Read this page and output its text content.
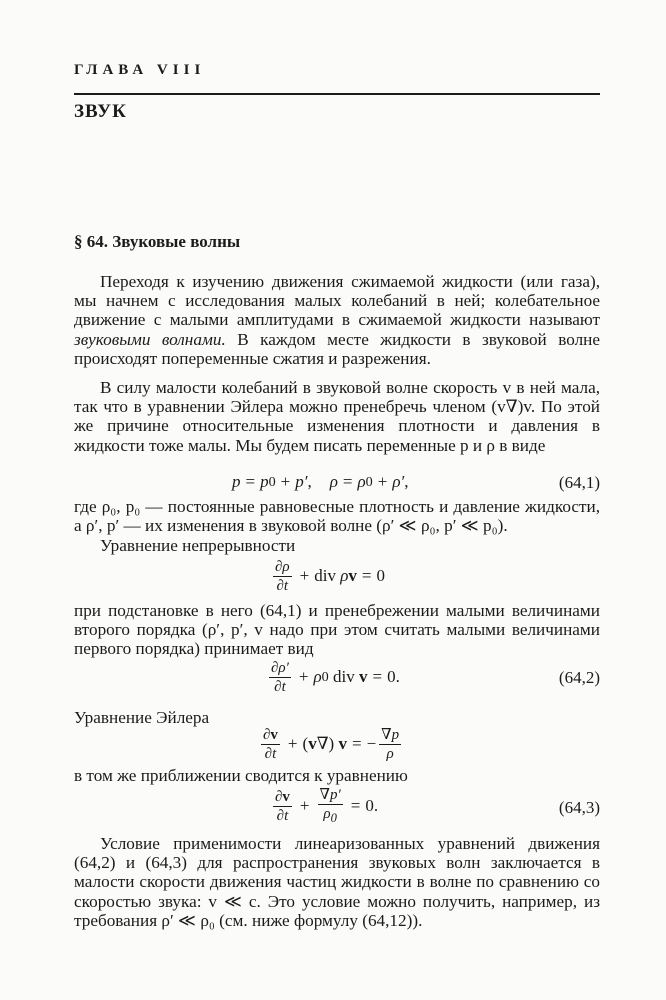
ГЛАВА VIII
ЗВУК
§ 64. Звуковые волны

Переходя к изучению движения сжимаемой жидкости (или газа), мы начнем с исследования малых колебаний в ней; колебательное движение с малыми амплитудами в сжимаемой жидкости называют звуковыми волнами. В каждом месте жидкости в звуковой волне происходят попеременные сжатия и разрежения.

В силу малости колебаний в звуковой волне скорость v в ней мала, так что в уравнении Эйлера можно пренебречь членом (v∇)v. По этой же причине относительные изменения плотности и давления в жидкости тоже малы. Мы будем писать переменные p и ρ в виде

p = p 0 + p′ , ρ = ρ 0 + ρ′ ,	(64,1)

где ρ₀, p₀ — постоянные равновесные плотность и давление жидкости, а ρ′, p′ — их изменения в звуковой волне (ρ′ ≪ ρ₀, p′ ≪ p₀).

Уравнение непрерывности
$\frac{\partial\rho}{\partial t}$ + div ρ v = 0

при подстановке в него (64,1) и пренебрежении малыми величинами второго порядка (ρ′, p′, v надо при этом считать малыми величинами первого порядка) принимает вид

$\frac{\partial\rho'}{\partial t} + \rho$ 0 div v = 0.	(64,2)
Уравнение Эйлера
$\frac{\partial v}{\partial t} + (v\nabla) v$ = − $\frac{\nabla p}{\rho}$
в том же приближении сводится к уравнению
$\frac{\partial v}{\partial t} + \frac{\nabla p'}{\rho_0} = 0$.	(64,3)

Условие применимости линеаризованных уравнений движения (64,2) и (64,3) для распространения звуковых волн заключается в малости скорости движения частиц жидкости в волне по сравнению со скоростью звука: v ≪ c. Это условие можно получить, например, из требования ρ′ ≪ ρ₀ (см. ниже формулу (64,12)).
